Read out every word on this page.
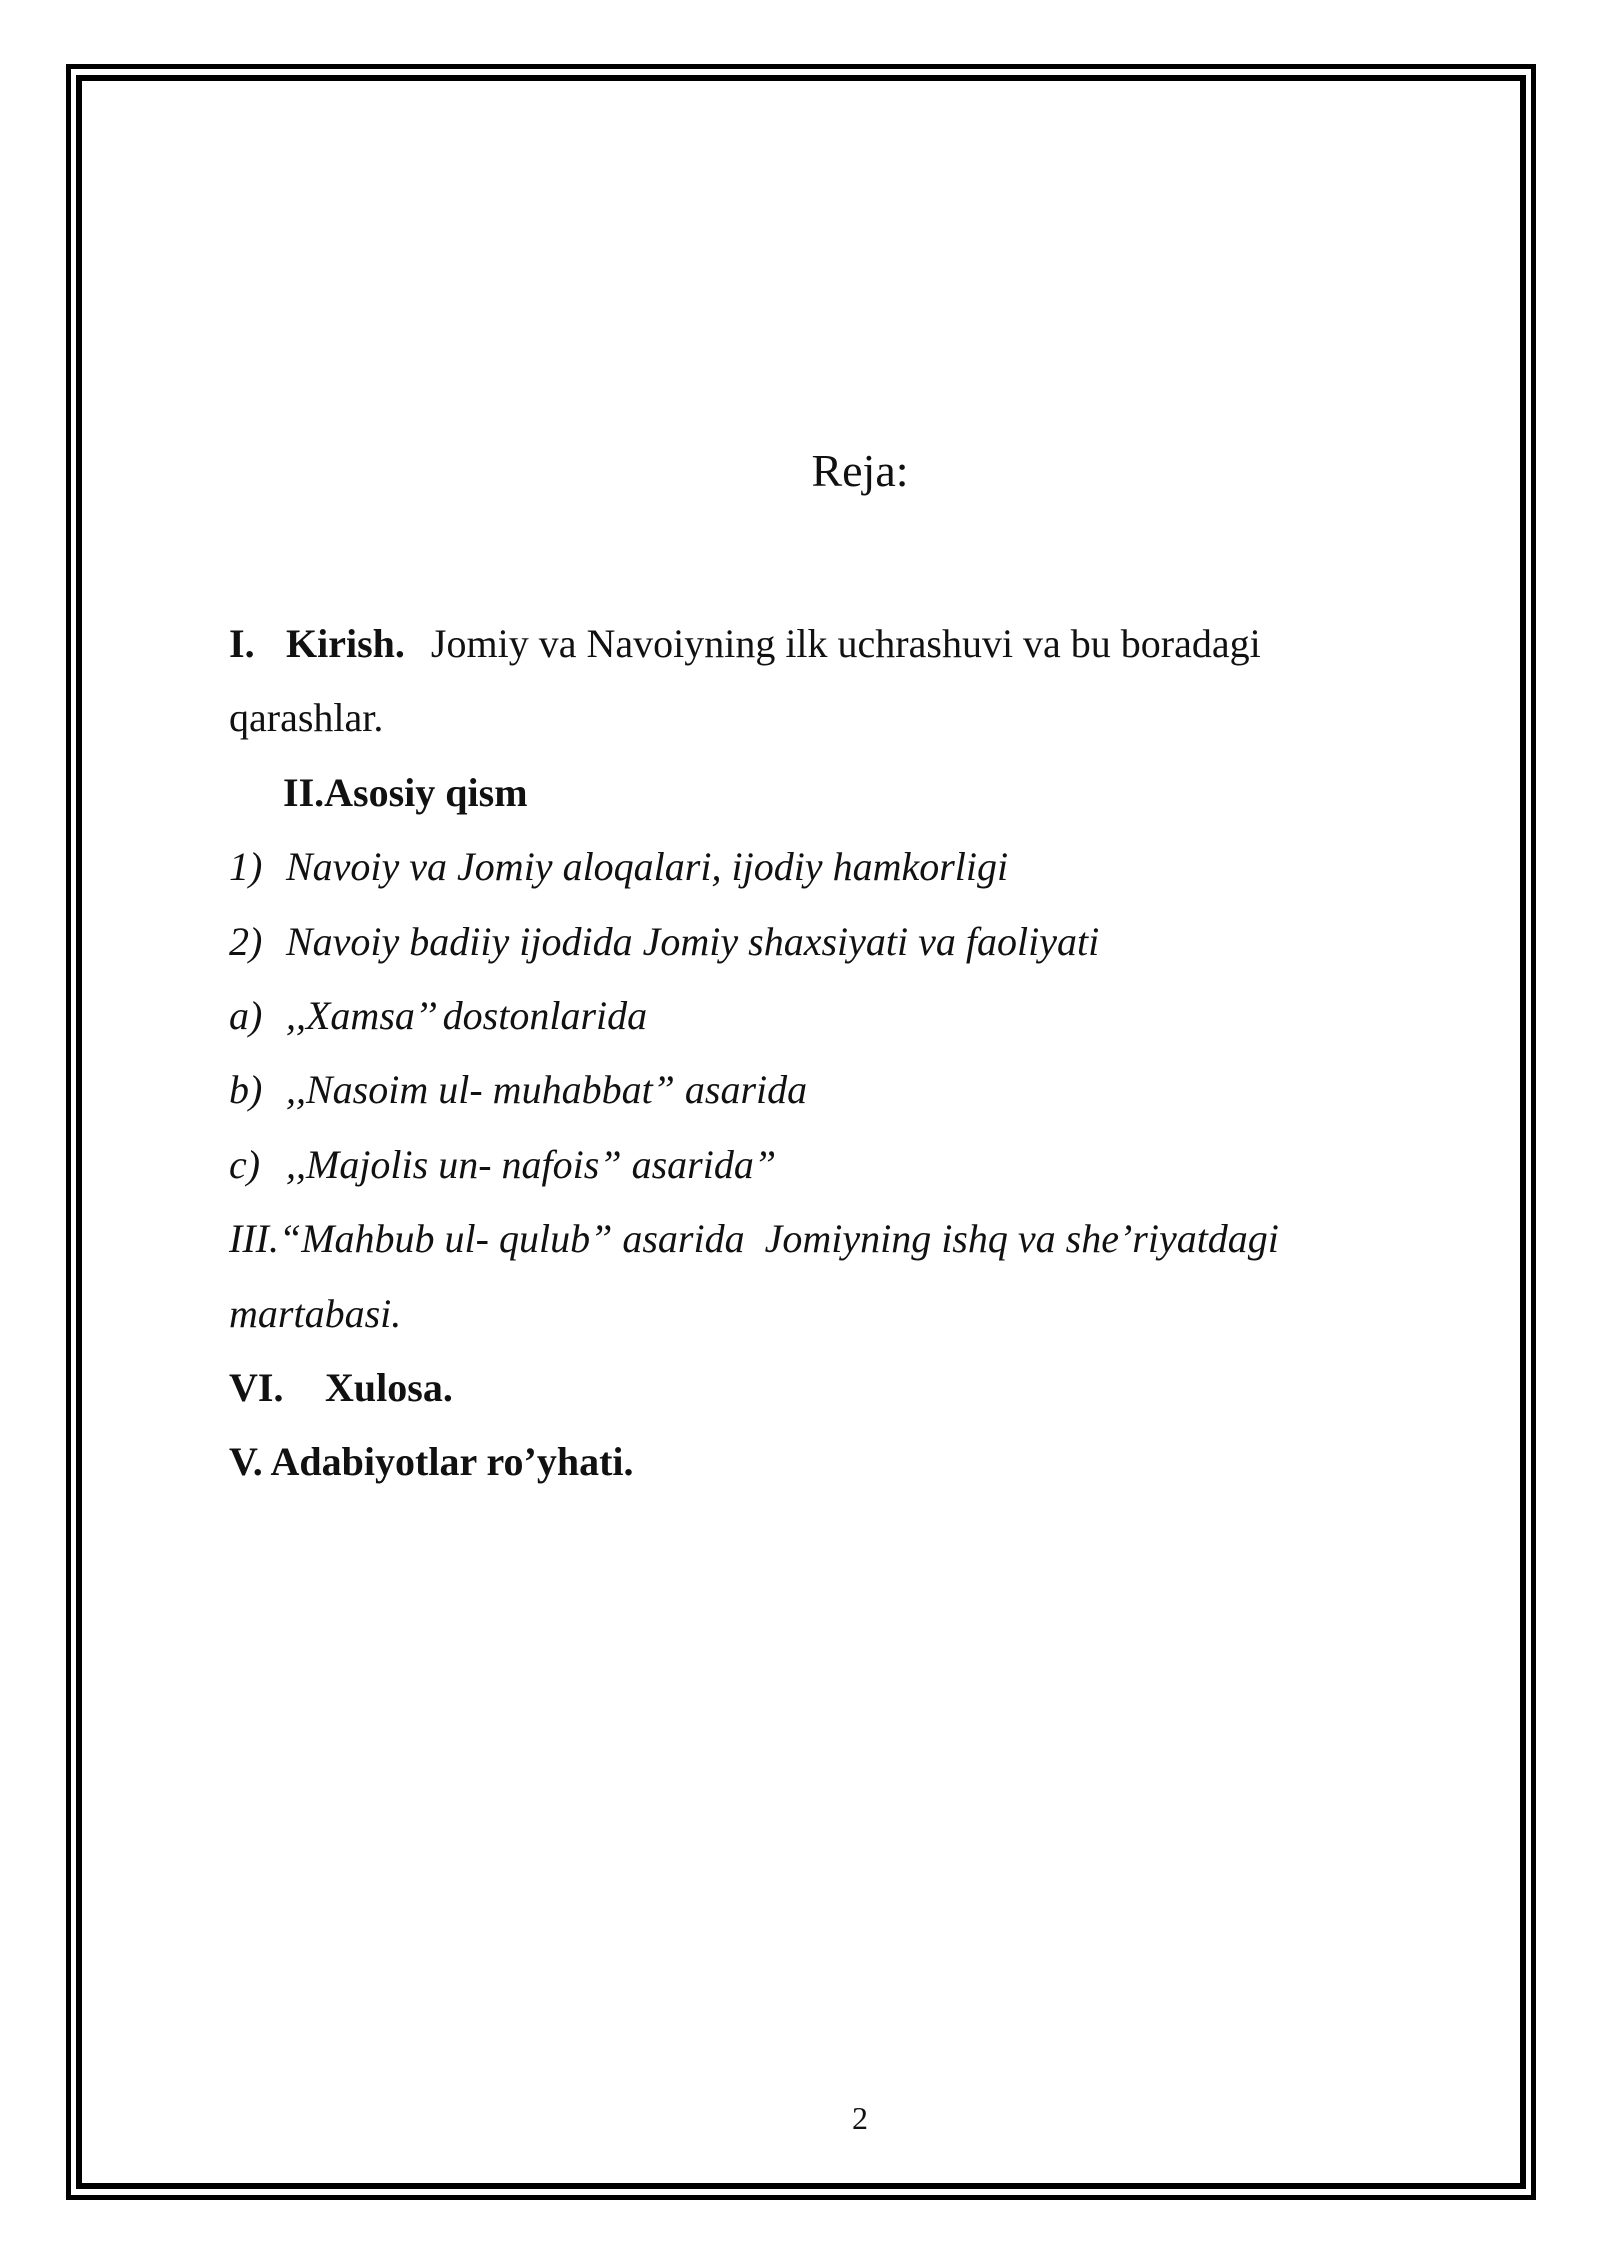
Reja:
I. Kirish. Jomiy va Navoiyning ilk uchrashuvi va bu boradagi
qarashlar.
II.Asosiy qism
1) Navoiy va Jomiy aloqalari, ijodiy hamkorligi
2) Navoiy badiiy ijodida Jomiy shaxsiyati va faoliyati
a) ,,Xamsa’’ dostonlarida
b) ,,Nasoim ul- muhabbat” asarida
c) ,,Majolis un- nafois” asarida”
III.“Mahbub ul- qulub” asarida  Jomiyning ishq va she’riyatdagi
martabasi.
VI. Xulosa.
V. Adabiyotlar ro’yhati.
2
